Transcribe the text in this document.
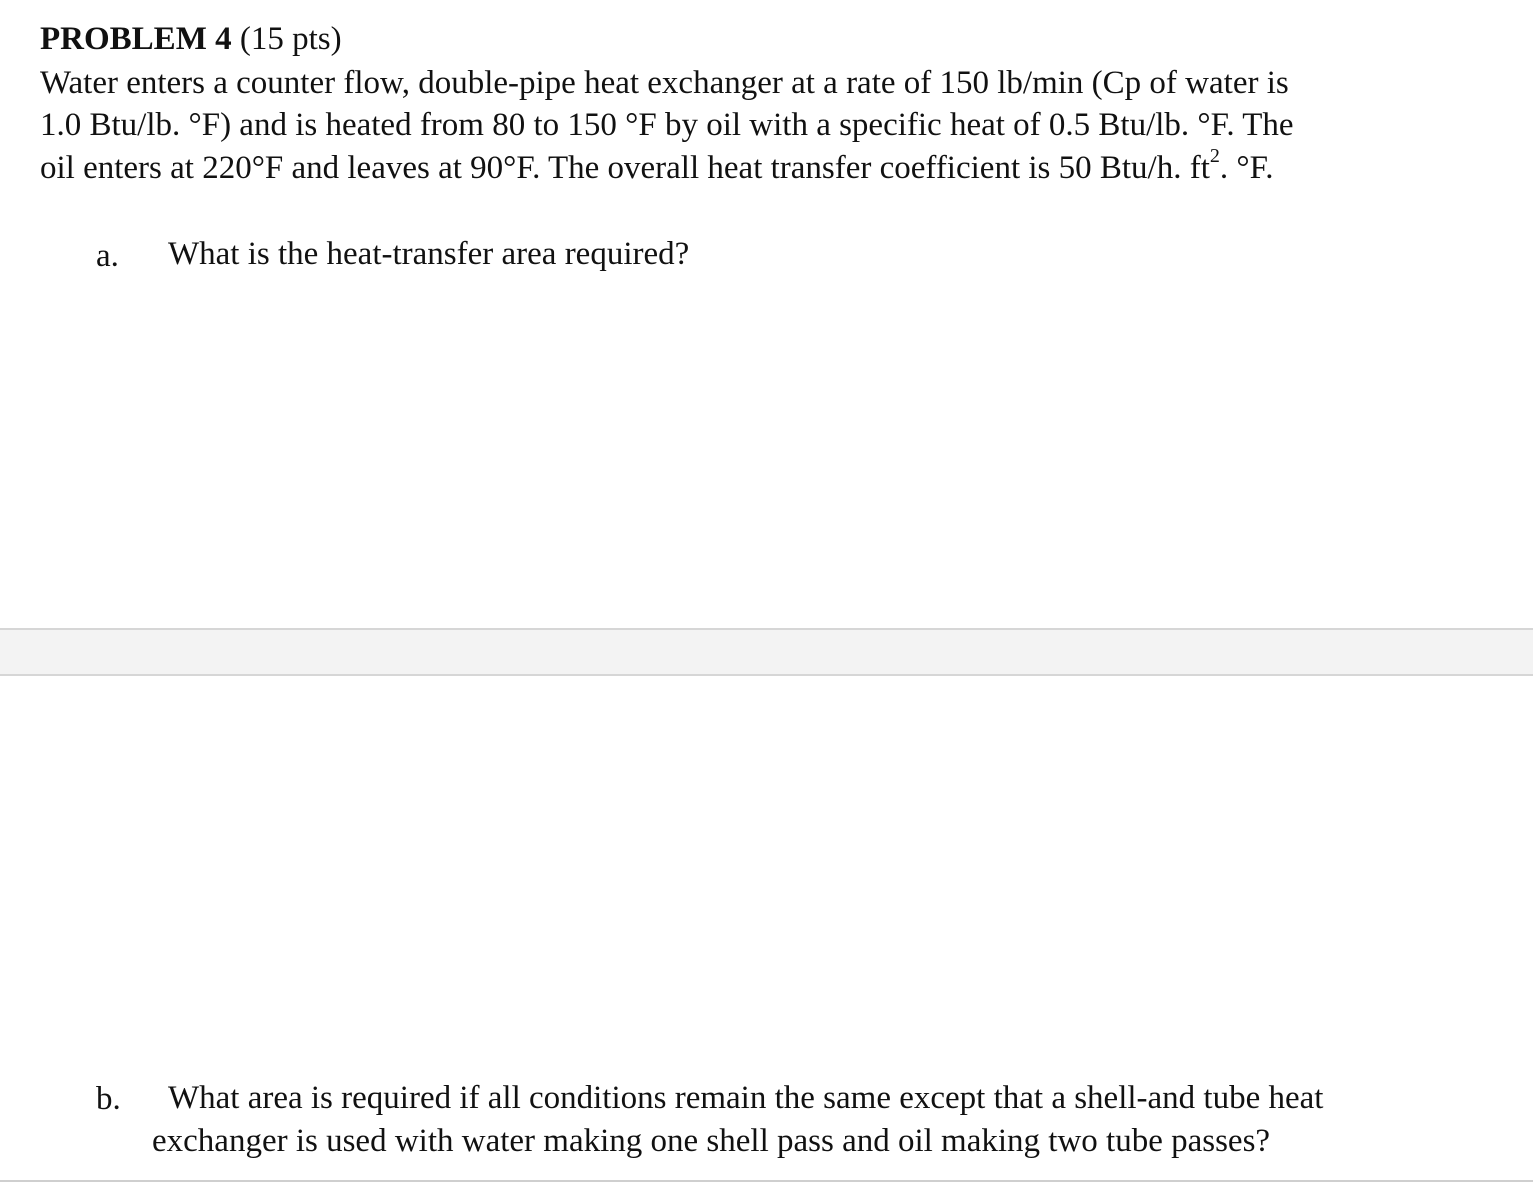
PROBLEM 4 (15 pts)
Water enters a counter flow, double-pipe heat exchanger at a rate of 150 lb/min (Cp of water is
1.0 Btu/lb. °F) and is heated from 80 to 150 °F by oil with a specific heat of 0.5 Btu/lb. °F. The
oil enters at 220°F and leaves at 90°F. The overall heat transfer coefficient is 50 Btu/h. $ft^2$. °F.
a. What is the heat-transfer area required?
b. What area is required if all conditions remain the same except that a shell-and tube heat
exchanger is used with water making one shell pass and oil making two tube passes?
